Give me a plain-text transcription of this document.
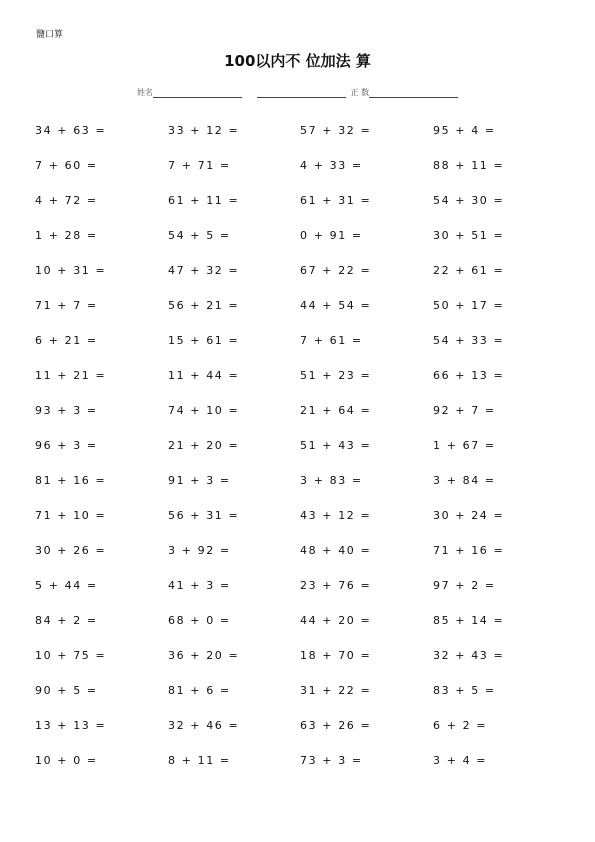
鹽口算
100以内不 位加法 算
姓名	正 数
34 + 63 =	33 + 12 =	57 + 32 =	95 + 4 =
7 + 60 =	7 + 71 =	4 + 33 =	88 + 11 =
4 + 72 =	61 + 11 =	61 + 31 =	54 + 30 =
1 + 28 =	54 + 5 =	0 + 91 =	30 + 51 =
10 + 31 =	47 + 32 =	67 + 22 =	22 + 61 =
71 + 7 =	56 + 21 =	44 + 54 =	50 + 17 =
6 + 21 =	15 + 61 =	7 + 61 =	54 + 33 =
11 + 21 =	11 + 44 =	51 + 23 =	66 + 13 =
93 + 3 =	74 + 10 =	21 + 64 =	92 + 7 =
96 + 3 =	21 + 20 =	51 + 43 =	1 + 67 =
81 + 16 =	91 + 3 =	3 + 83 =	3 + 84 =
71 + 10 =	56 + 31 =	43 + 12 =	30 + 24 =
30 + 26 =	3 + 92 =	48 + 40 =	71 + 16 =
5 + 44 =	41 + 3 =	23 + 76 =	97 + 2 =
84 + 2 =	68 + 0 =	44 + 20 =	85 + 14 =
10 + 75 =	36 + 20 =	18 + 70 =	32 + 43 =
90 + 5 =	81 + 6 =	31 + 22 =	83 + 5 =
13 + 13 =	32 + 46 =	63 + 26 =	6 + 2 =
10 + 0 =	8 + 11 =	73 + 3 =	3 + 4 =
